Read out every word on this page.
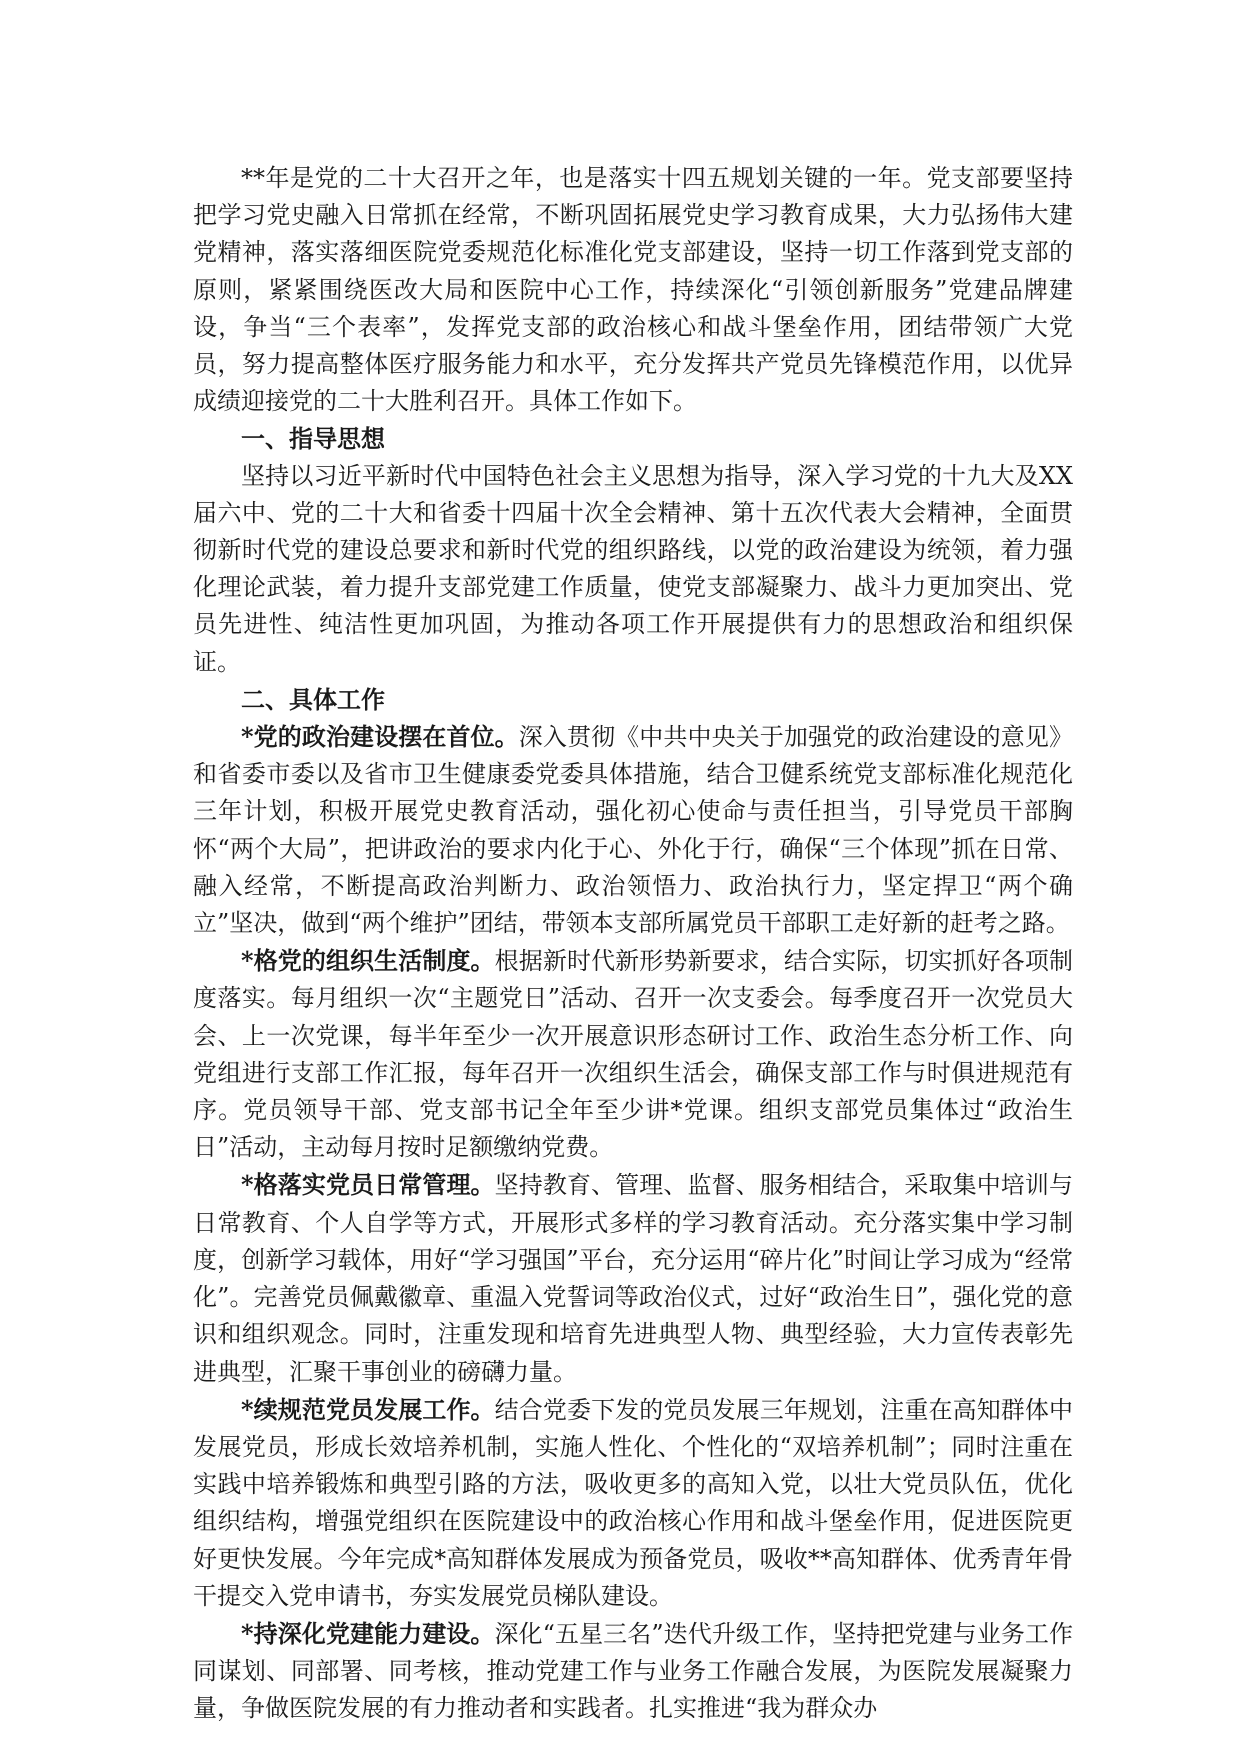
**年是党的二十大召开之年，也是落实十四五规划关键的一年。党支部要坚持把学习党史融入日常抓在经常，不断巩固拓展党史学习教育成果，大力弘扬伟大建党精神，落实落细医院党委规范化标准化党支部建设，坚持一切工作落到党支部的原则，紧紧围绕医改大局和医院中心工作，持续深化“引领创新服务”党建品牌建设，争当“三个表率”，发挥党支部的政治核心和战斗堡垒作用，团结带领广大党员，努力提高整体医疗服务能力和水平，充分发挥共产党员先锋模范作用，以优异成绩迎接党的二十大胜利召开。具体工作如下。

一、指导思想

坚持以习近平新时代中国特色社会主义思想为指导，深入学习党的十九大及XX届六中、党的二十大和省委十四届十次全会精神、第十五次代表大会精神，全面贯彻新时代党的建设总要求和新时代党的组织路线，以党的政治建设为统领，着力强化理论武装，着力提升支部党建工作质量，使党支部凝聚力、战斗力更加突出、党员先进性、纯洁性更加巩固，为推动各项工作开展提供有力的思想政治和组织保证。

二、具体工作

*党的政治建设摆在首位。深入贯彻《中共中央关于加强党的政治建设的意见》和省委市委以及省市卫生健康委党委具体措施，结合卫健系统党支部标准化规范化三年计划，积极开展党史教育活动，强化初心使命与责任担当，引导党员干部胸怀“两个大局”，把讲政治的要求内化于心、外化于行，确保“三个体现”抓在日常、融入经常，不断提高政治判断力、政治领悟力、政治执行力，坚定捍卫“两个确立”坚决，做到“两个维护”团结，带领本支部所属党员干部职工走好新的赶考之路。

*格党的组织生活制度。根据新时代新形势新要求，结合实际，切实抓好各项制度落实。每月组织一次“主题党日”活动、召开一次支委会。每季度召开一次党员大会、上一次党课，每半年至少一次开展意识形态研讨工作、政治生态分析工作、向党组进行支部工作汇报，每年召开一次组织生活会，确保支部工作与时俱进规范有序。党员领导干部、党支部书记全年至少讲*党课。组织支部党员集体过“政治生日”活动，主动每月按时足额缴纳党费。

*格落实党员日常管理。坚持教育、管理、监督、服务相结合，采取集中培训与日常教育、个人自学等方式，开展形式多样的学习教育活动。充分落实集中学习制度，创新学习载体，用好“学习强国”平台，充分运用“碎片化”时间让学习成为“经常化”。完善党员佩戴徽章、重温入党誓词等政治仪式，过好“政治生日”，强化党的意识和组织观念。同时，注重发现和培育先进典型人物、典型经验，大力宣传表彰先进典型，汇聚干事创业的磅礴力量。

*续规范党员发展工作。结合党委下发的党员发展三年规划，注重在高知群体中发展党员，形成长效培养机制，实施人性化、个性化的“双培养机制”；同时注重在实践中培养锻炼和典型引路的方法，吸收更多的高知入党，以壮大党员队伍，优化组织结构，增强党组织在医院建设中的政治核心作用和战斗堡垒作用，促进医院更好更快发展。今年完成*高知群体发展成为预备党员，吸收**高知群体、优秀青年骨干提交入党申请书，夯实发展党员梯队建设。

*持深化党建能力建设。深化“五星三名”迭代升级工作，坚持把党建与业务工作同谋划、同部署、同考核，推动党建工作与业务工作融合发展，为医院发展凝聚力量，争做医院发展的有力推动者和实践者。扎实推进“我为群众办
